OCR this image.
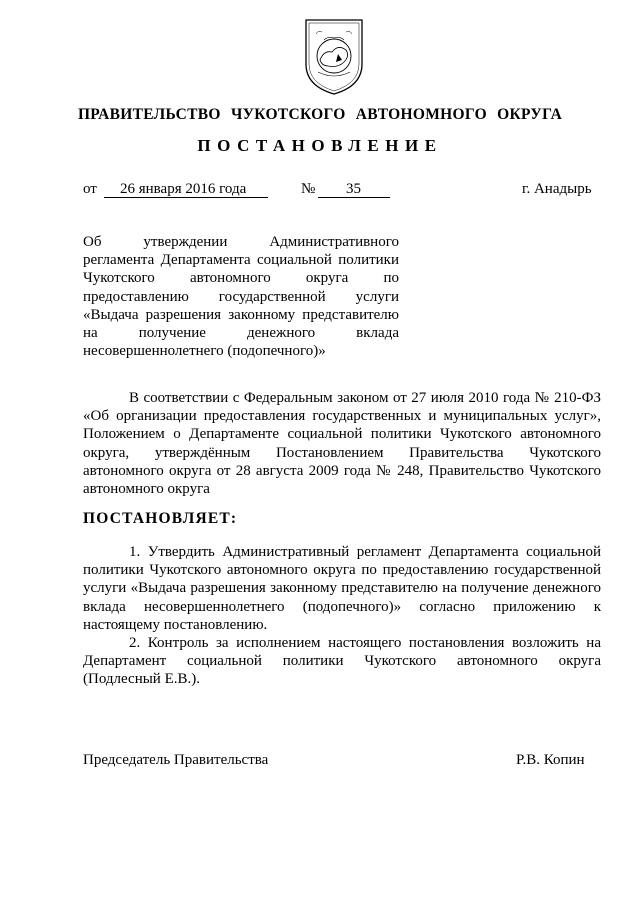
ПРАВИТЕЛЬСТВО ЧУКОТСКОГО АВТОНОМНОГО ОКРУГА
ПОСТАНОВЛЕНИЕ
от 26 января 2016 года	№ 35	г. Анадырь
Об утверждении Административного
регламента Департамента социальной политики
Чукотского автономного округа по
предоставлению государственной услуги
«Выдача разрешения законному представителю
на получение денежного вклада
несовершеннолетнего (подопечного)»
В соответствии с Федеральным законом от 27 июля 2010 года № 210-ФЗ
«Об организации предоставления государственных и муниципальных услуг»,
Положением о Департаменте социальной политики Чукотского автономного
округа, утверждённым Постановлением Правительства Чукотского
автономного округа от 28 августа 2009 года № 248, Правительство Чукотского
автономного округа
ПОСТАНОВЛЯЕТ:
1. Утвердить Административный регламент Департамента социальной
политики Чукотского автономного округа по предоставлению государственной
услуги «Выдача разрешения законному представителю на получение денежного
вклада несовершеннолетнего (подопечного)» согласно приложению к
настоящему постановлению.
2. Контроль за исполнением настоящего постановления возложить на
Департамент социальной политики Чукотского автономного округа
(Подлесный Е.В.).
Председатель Правительства	Р.В. Копин
